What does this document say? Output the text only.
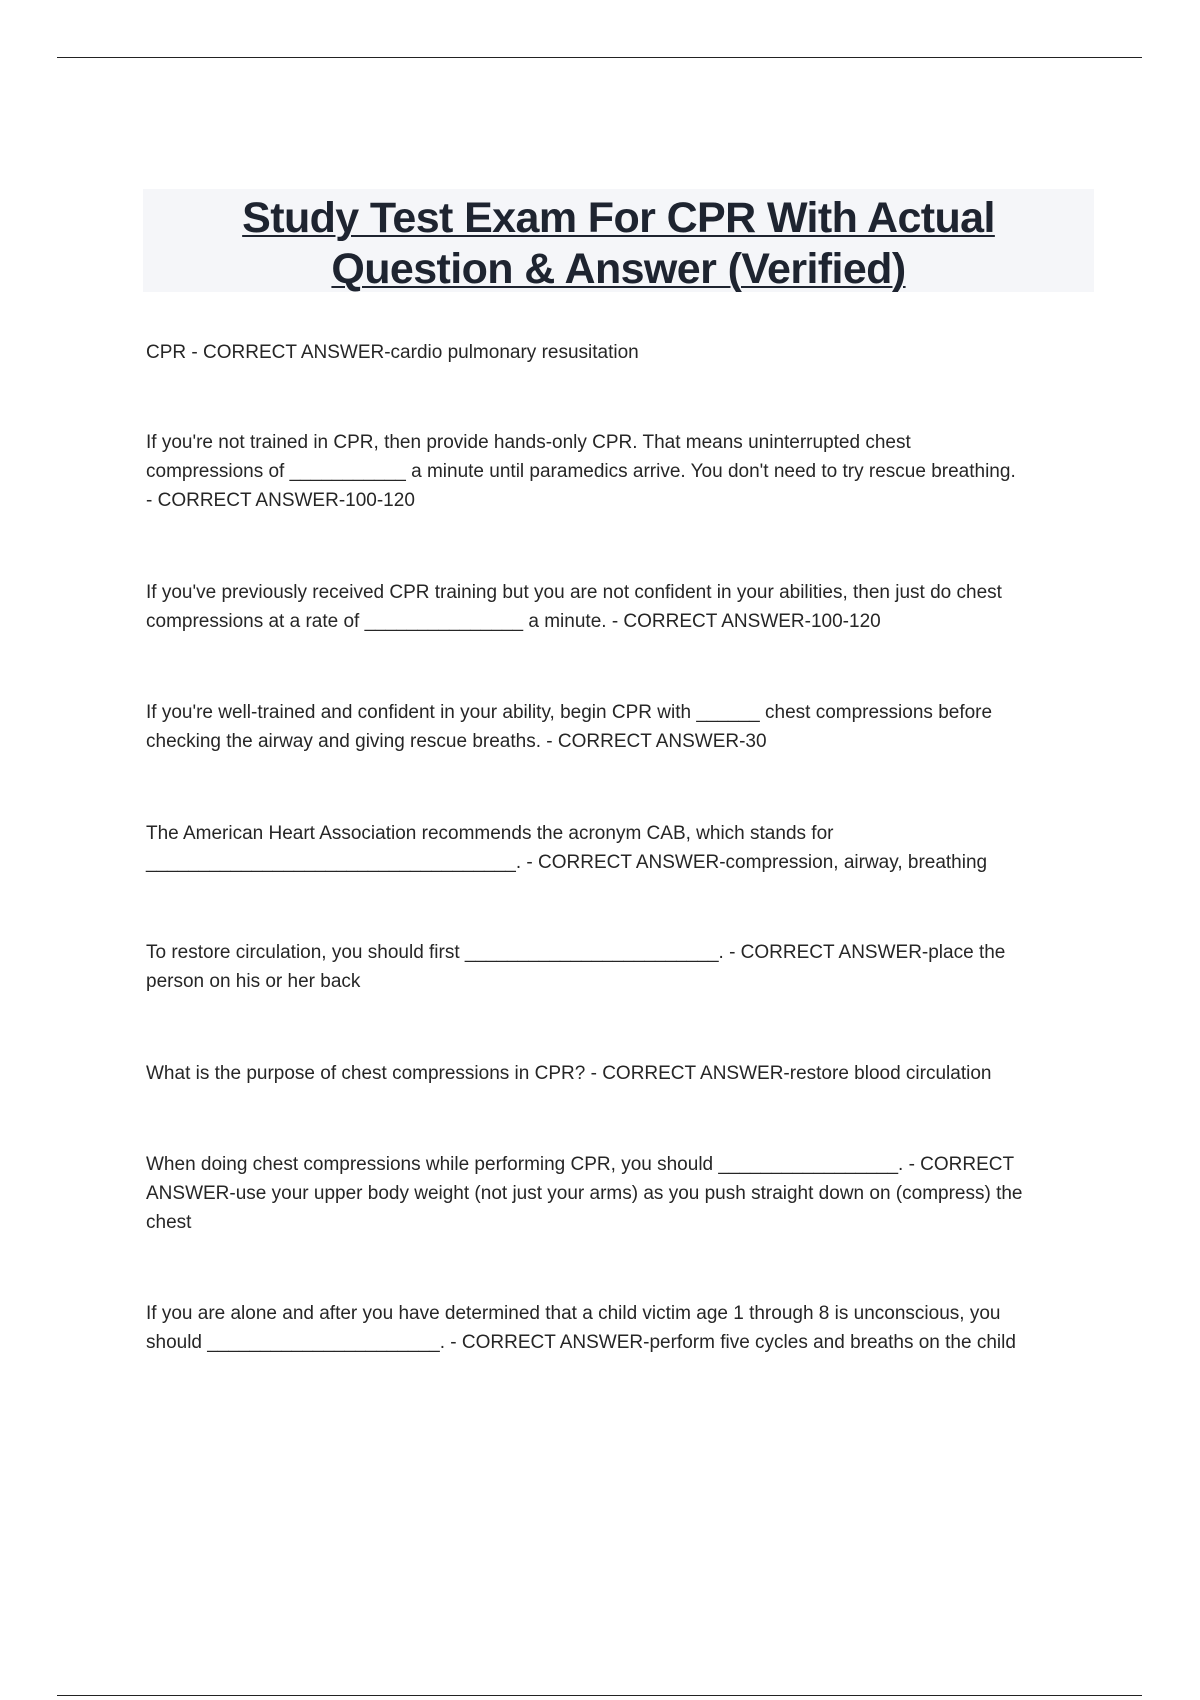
Study Test Exam For CPR With Actual
Question & Answer (Verified)

CPR - CORRECT ANSWER-cardio pulmonary resusitation

If you're not trained in CPR, then provide hands-only CPR. That means uninterrupted chest
compressions of ___________ a minute until paramedics arrive. You don't need to try rescue breathing.
- CORRECT ANSWER-100-120

If you've previously received CPR training but you are not confident in your abilities, then just do chest
compressions at a rate of _______________ a minute. - CORRECT ANSWER-100-120

If you're well-trained and confident in your ability, begin CPR with ______ chest compressions before
checking the airway and giving rescue breaths. - CORRECT ANSWER-30

The American Heart Association recommends the acronym CAB, which stands for
___________________________________. - CORRECT ANSWER-compression, airway, breathing

To restore circulation, you should first ________________________. - CORRECT ANSWER-place the
person on his or her back

What is the purpose of chest compressions in CPR? - CORRECT ANSWER-restore blood circulation

When doing chest compressions while performing CPR, you should _________________. - CORRECT
ANSWER-use your upper body weight (not just your arms) as you push straight down on (compress) the
chest

If you are alone and after you have determined that a child victim age 1 through 8 is unconscious, you
should ______________________. - CORRECT ANSWER-perform five cycles and breaths on the child
